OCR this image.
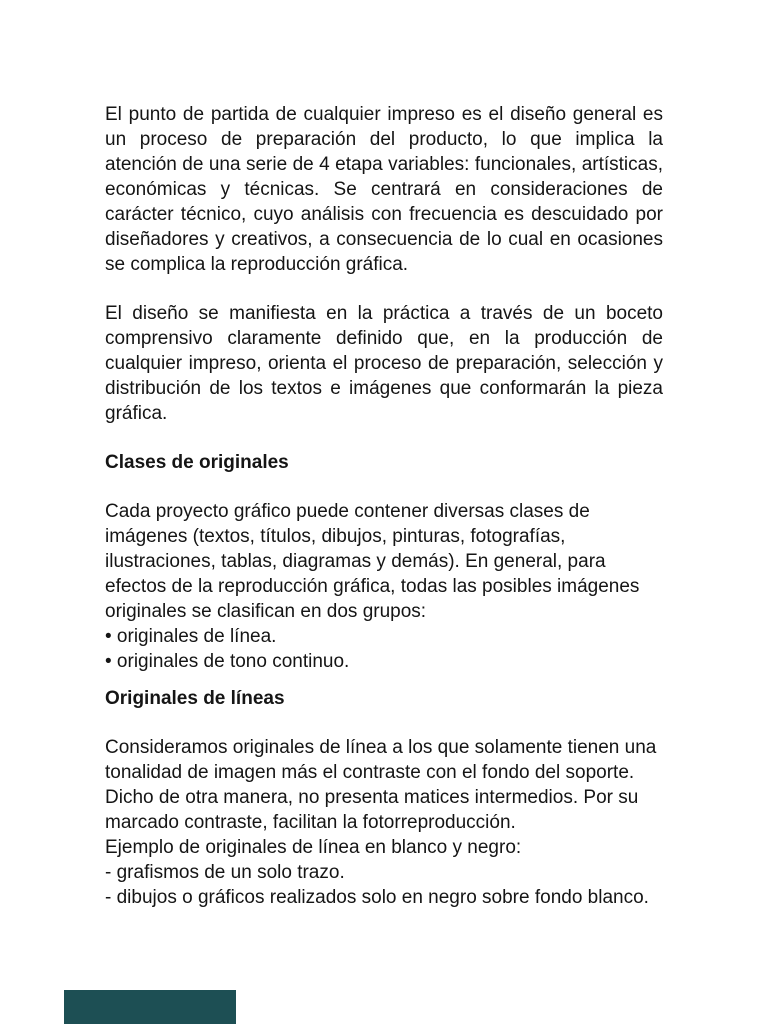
El punto de partida de cualquier impreso es el diseño general es un proceso de preparación del producto, lo que implica la atención de una serie de 4 etapa variables: funcionales, artísticas, económicas y técnicas. Se centrará en consideraciones de carácter técnico, cuyo análisis con frecuencia es descuidado por diseñadores y creativos, a consecuencia de lo cual en ocasiones se complica la reproducción gráfica.

El diseño se manifiesta en la práctica a través de un boceto comprensivo claramente definido que, en la producción de cualquier impreso, orienta el proceso de preparación, selección y distribución de los textos e imágenes que conformarán la pieza gráfica.

Clases de originales

Cada proyecto gráfico puede contener diversas clases de imágenes (textos, títulos, dibujos, pinturas, fotografías, ilustraciones, tablas, diagramas y demás). En general, para efectos de la reproducción gráfica, todas las posibles imágenes originales se clasifican en dos grupos:

• originales de línea.
• originales de tono continuo.
Originales de líneas

Consideramos originales de línea a los que solamente tienen una tonalidad de imagen más el contraste con el fondo del soporte. Dicho de otra manera, no presenta matices intermedios. Por su marcado contraste, facilitan la fotorreproducción.

Ejemplo de originales de línea en blanco y negro:
- grafismos de un solo trazo.
- dibujos o gráficos realizados solo en negro sobre fondo blanco.
